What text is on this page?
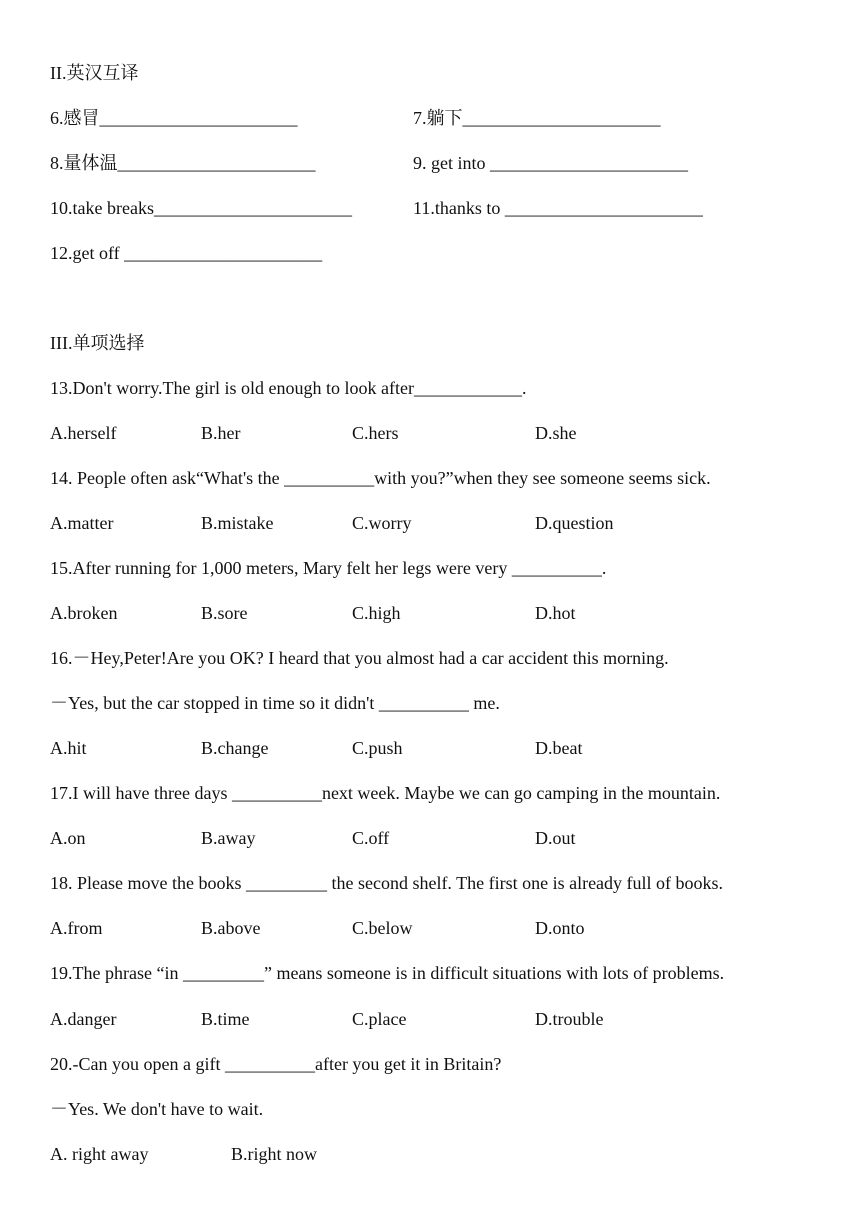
II.英汉互译
6.感冒______________________	7.躺下______________________
8.量体温______________________	9. get into ______________________
10.take breaks______________________	11.thanks to ______________________
12.get off ______________________
III.单项选择
13.Don't worry.The girl is old enough to look after____________.
A.herself	B.her	C.hers	D.she
14. People often ask“What's the __________with you?”when they see someone seems sick.
A.matter	B.mistake	C.worry	D.question
15.After running for 1,000 meters, Mary felt her legs were very __________.
A.broken	B.sore	C.high	D.hot
16.－Hey,Peter!Are you OK? I heard that you almost had a car accident this morning.
－Yes, but the car stopped in time so it didn't __________ me.
A.hit	B.change	C.push	D.beat
17.I will have three days __________next week. Maybe we can go camping in the mountain.
A.on	B.away	C.off	D.out
18. Please move the books _________ the second shelf. The first one is already full of books.
A.from	B.above	C.below	D.onto
19.The phrase “in _________” means someone is in difficult situations with lots of problems.
A.danger	B.time	C.place	D.trouble
20.-Can you open a gift __________after you get it in Britain?
－Yes. We don't have to wait.
A. right away	B.right now
